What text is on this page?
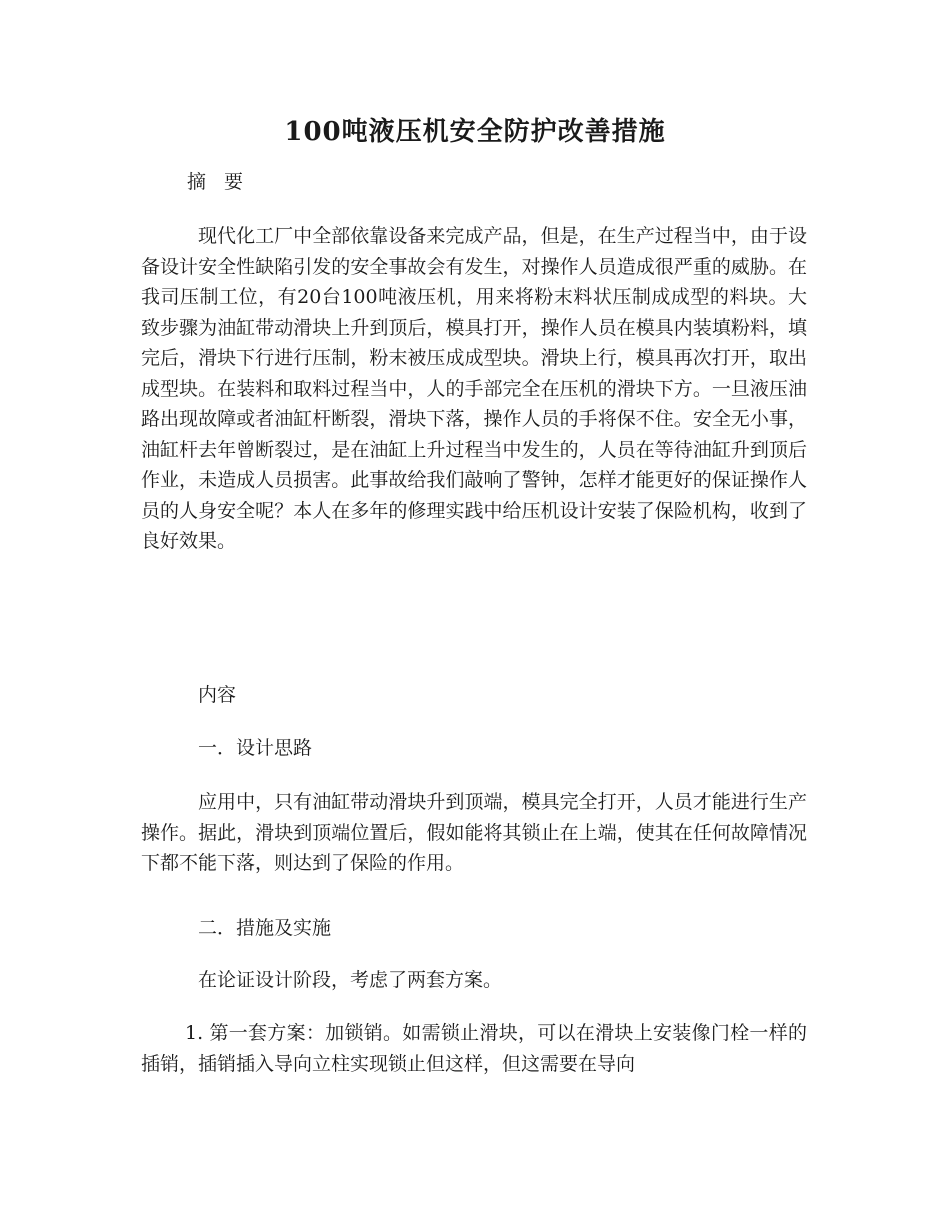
100吨液压机安全防护改善措施

摘 要

现代化工厂中全部依靠设备来完成产品，但是，在生产过程当中，由于设备设计安全性缺陷引发的安全事故会有发生，对操作人员造成很严重的威胁。在我司压制工位，有20台100吨液压机，用来将粉末料状压制成成型的料块。大致步骤为油缸带动滑块上升到顶后，模具打开，操作人员在模具内装填粉料，填完后，滑块下行进行压制，粉末被压成成型块。滑块上行，模具再次打开，取出成型块。在装料和取料过程当中，人的手部完全在压机的滑块下方。一旦液压油路出现故障或者油缸杆断裂，滑块下落，操作人员的手将保不住。安全无小事，油缸杆去年曾断裂过，是在油缸上升过程当中发生的，人员在等待油缸升到顶后作业，未造成人员损害。此事故给我们敲响了警钟，怎样才能更好的保证操作人员的人身安全呢？本人在多年的修理实践中给压机设计安装了保险机构，收到了良好效果。

内容

一．设计思路

应用中，只有油缸带动滑块升到顶端，模具完全打开，人员才能进行生产操作。据此，滑块到顶端位置后，假如能将其锁止在上端，使其在任何故障情况下都不能下落，则达到了保险的作用。

二．措施及实施

在论证设计阶段，考虑了两套方案。

1. 第一套方案：加锁销。如需锁止滑块，可以在滑块上安装像门栓一样的插销，插销插入导向立柱实现锁止但这样，但这需要在导向
